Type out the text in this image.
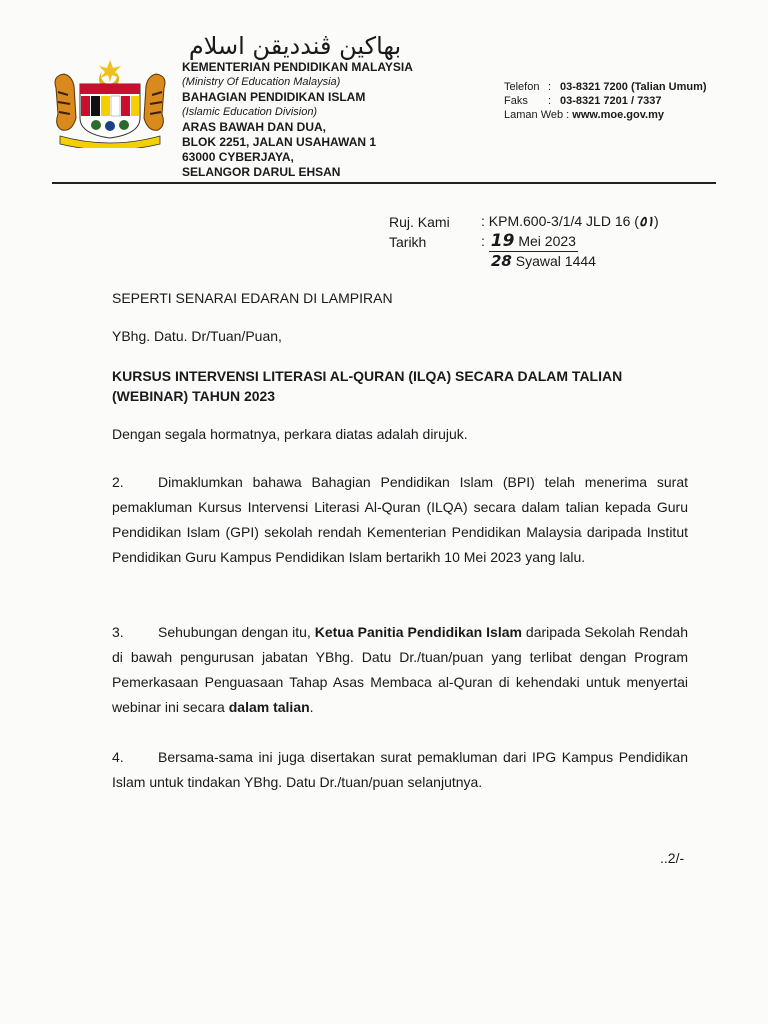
بهاكين ڤندديقن اسلام
KEMENTERIAN PENDIDIKAN MALAYSIA
(Ministry Of Education Malaysia)
BAHAGIAN PENDIDIKAN ISLAM
(Islamic Education Division)
ARAS BAWAH DAN DUA,
BLOK 2251, JALAN USAHAWAN 1
63000 CYBERJAYA,
SELANGOR DARUL EHSAN
Telefon	:	03-8321 7200 (Talian Umum)
Faks	:	03-8321 7201 / 7337
Laman Web : www.moe.gov.my		
Ruj. Kami	: KPM.600-3/1/4 JLD 16 (٥١)
Tarikh	: 19 Mei 2023
	28 Syawal 1444
SEPERTI SENARAI EDARAN DI LAMPIRAN
YBhg. Datu. Dr/Tuan/Puan,
KURSUS INTERVENSI LITERASI AL-QURAN (ILQA) SECARA DALAM TALIAN
(WEBINAR) TAHUN 2023
Dengan segala hormatnya, perkara diatas adalah dirujuk.
2. Dimaklumkan bahawa Bahagian Pendidikan Islam (BPI) telah menerima surat pemakluman Kursus Intervensi Literasi Al-Quran (ILQA) secara dalam talian kepada Guru Pendidikan Islam (GPI) sekolah rendah Kementerian Pendidikan Malaysia daripada Institut Pendidikan Guru Kampus Pendidikan Islam bertarikh 10 Mei 2023 yang lalu.
3. Sehubungan dengan itu, Ketua Panitia Pendidikan Islam daripada Sekolah Rendah di bawah pengurusan jabatan YBhg. Datu Dr./tuan/puan yang terlibat dengan Program Pemerkasaan Penguasaan Tahap Asas Membaca al-Quran di kehendaki untuk menyertai webinar ini secara dalam talian.
4. Bersama-sama ini juga disertakan surat pemakluman dari IPG Kampus Pendidikan Islam untuk tindakan YBhg. Datu Dr./tuan/puan selanjutnya.
..2/-
